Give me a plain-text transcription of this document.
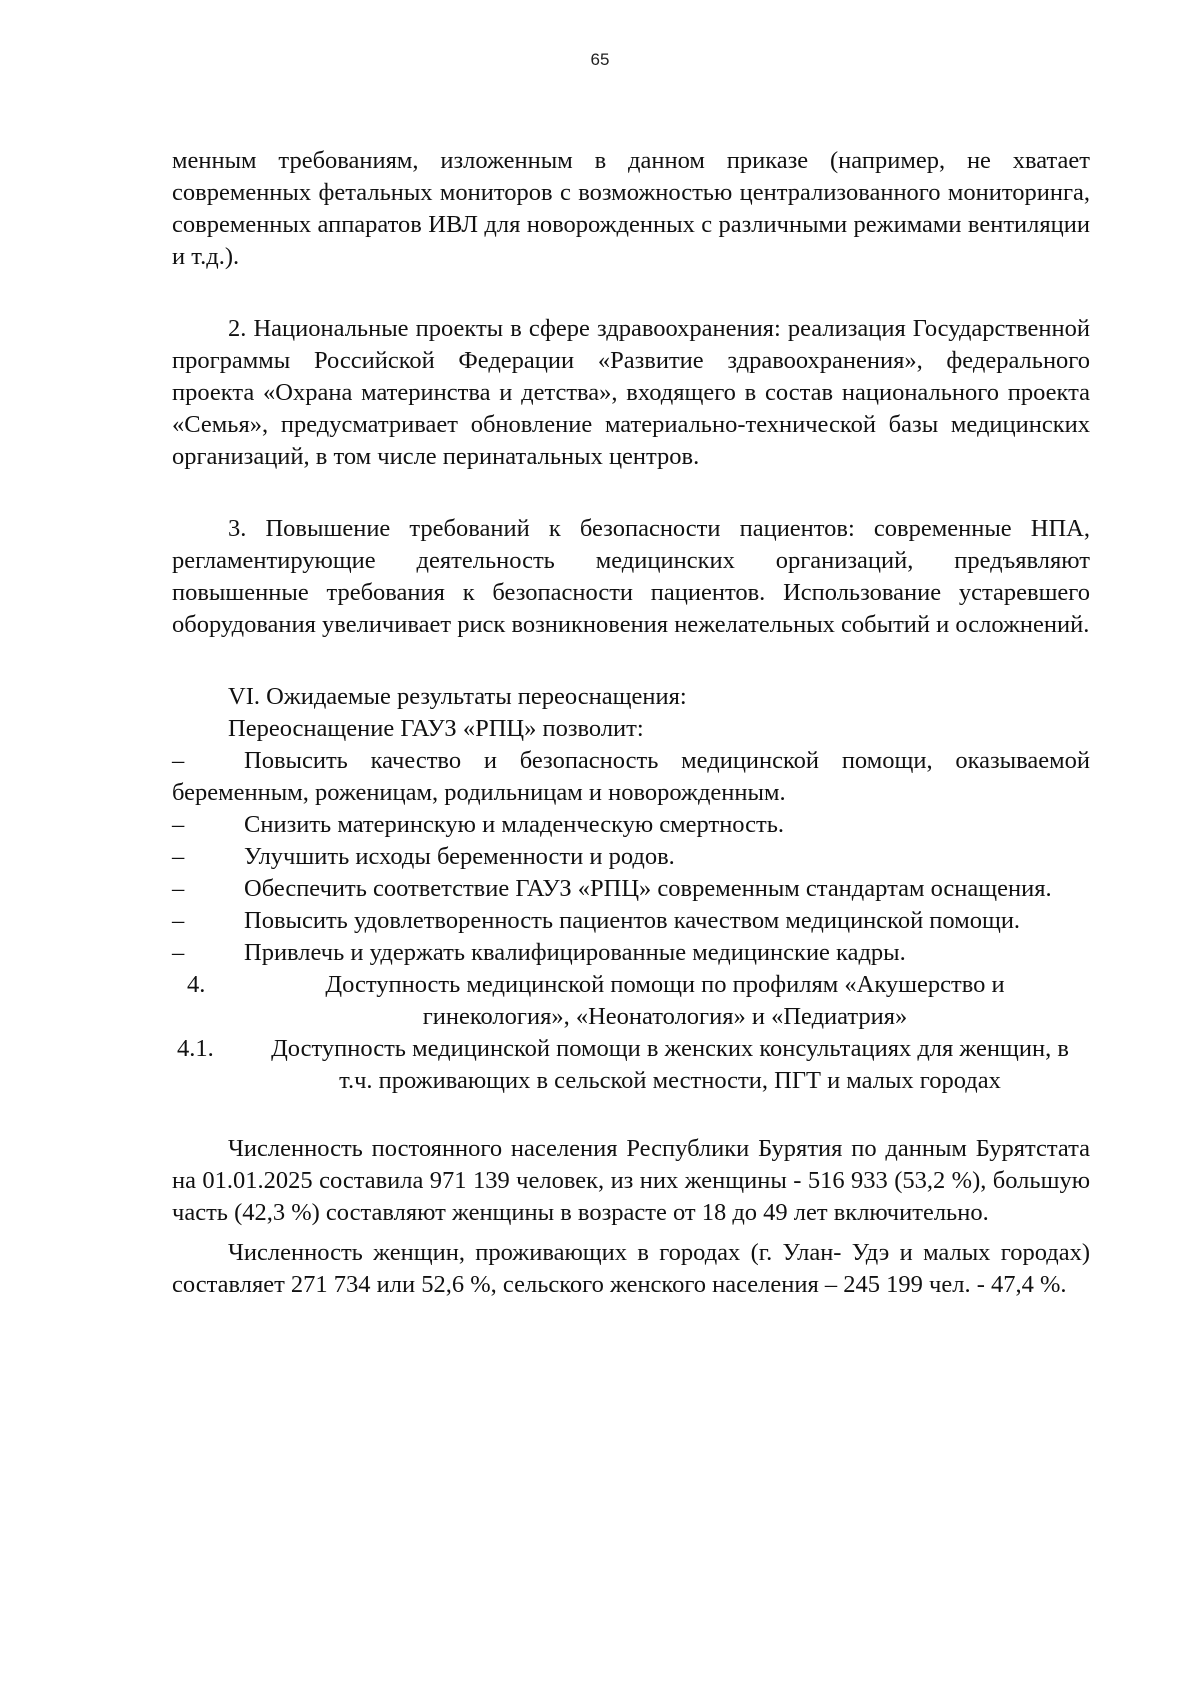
65

менным требованиям, изложенным в данном приказе (например, не хватает современных фетальных мониторов с возможностью централизованного мониторинга, современных аппаратов ИВЛ для новорожденных с различными режимами вентиляции и т.д.).

2. Национальные проекты в сфере здравоохранения: реализация Государственной программы Российской Федерации «Развитие здравоохранения», федерального проекта «Охрана материнства и детства», входящего в состав национального проекта «Семья», предусматривает обновление материально-технической базы медицинских организаций, в том числе перинатальных центров.

3. Повышение требований к безопасности пациентов: современные НПА, регламентирующие деятельность медицинских организаций, предъявляют повышенные требования к безопасности пациентов. Использование устаревшего оборудования увеличивает риск возникновения нежелательных событий и осложнений.

VI. Ожидаемые результаты переоснащения:

Переоснащение ГАУЗ «РПЦ» позволит:

–	Повысить качество и безопасность медицинской помощи, оказываемой беременным, роженицам, родильницам и новорожденным.
–	Снизить материнскую и младенческую смертность.
–	Улучшить исходы беременности и родов.
–	Обеспечить соответствие ГАУЗ «РПЦ» современным стандартам оснащения.
–	Повысить удовлетворенность пациентов качеством медицинской помощи.
–	Привлечь и удержать квалифицированные медицинские кадры.
4.	Доступность медицинской помощи по профилям «Акушерство и гинекология», «Неонатология» и «Педиатрия»
4.1.	Доступность медицинской помощи в женских консультациях для женщин, в т.ч. проживающих в сельской местности, ПГТ и малых городах

Численность постоянного населения Республики Бурятия по данным Бурятстата на 01.01.2025 составила 971 139 человек, из них женщины - 516 933 (53,2 %), большую часть (42,3 %) составляют женщины в возрасте от 18 до 49 лет включительно.

Численность женщин, проживающих в городах (г. Улан- Удэ и малых городах) составляет 271 734 или 52,6 %, сельского женского населения – 245 199 чел. - 47,4 %.
